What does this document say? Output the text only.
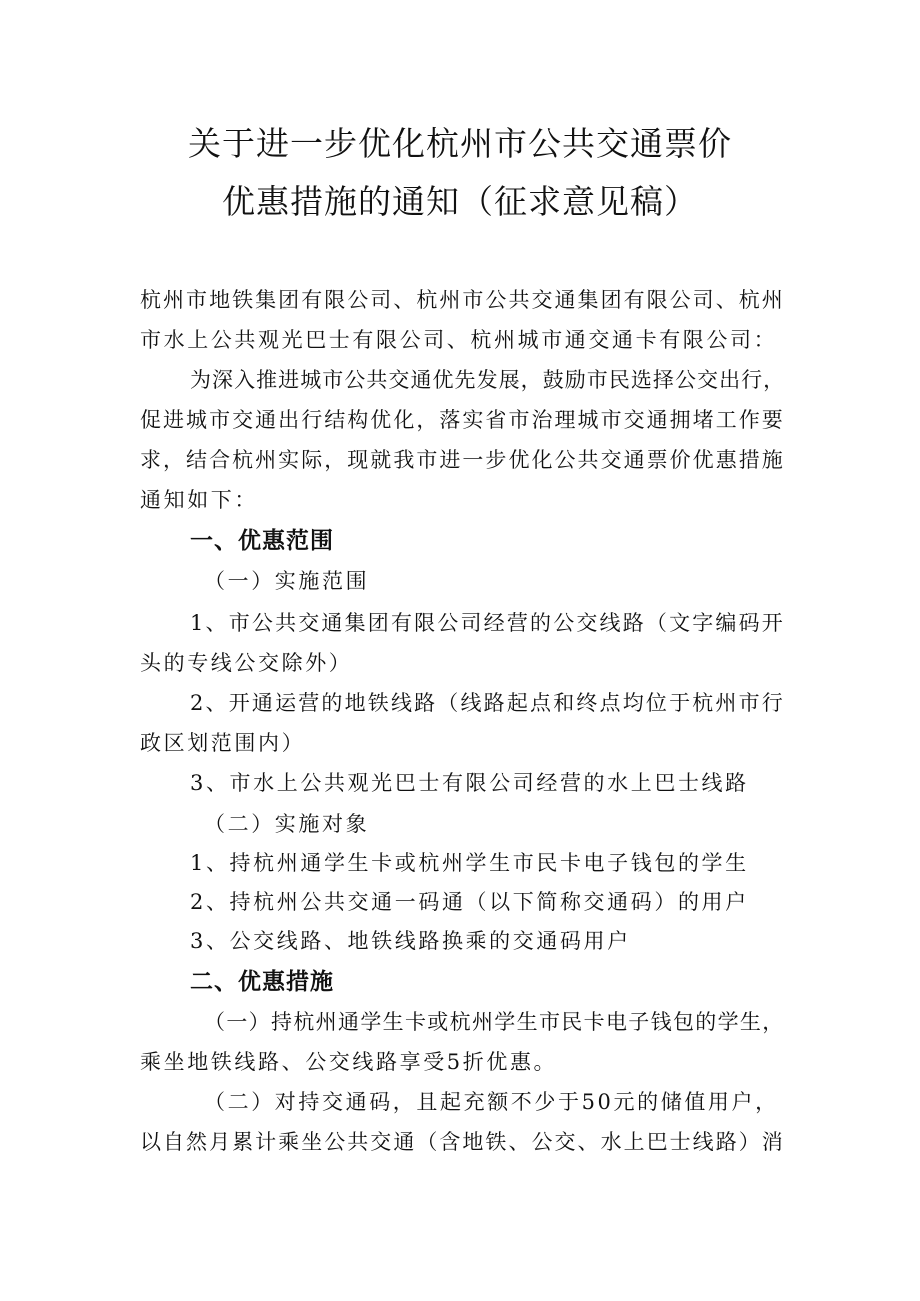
关于进一步优化杭州市公共交通票价
优惠措施的通知（征求意见稿）
杭州市地铁集团有限公司、杭州市公共交通集团有限公司、杭州
市水上公共观光巴士有限公司、杭州城市通交通卡有限公司：
为深入推进城市公共交通优先发展，鼓励市民选择公交出行，
促进城市交通出行结构优化，落实省市治理城市交通拥堵工作要
求，结合杭州实际，现就我市进一步优化公共交通票价优惠措施
通知如下：
一、优惠范围
（一）实施范围
1、市公共交通集团有限公司经营的公交线路（文字编码开
头的专线公交除外）
2、开通运营的地铁线路（线路起点和终点均位于杭州市行
政区划范围内）
3、市水上公共观光巴士有限公司经营的水上巴士线路
（二）实施对象
1、持杭州通学生卡或杭州学生市民卡电子钱包的学生
2、持杭州公共交通一码通（以下简称交通码）的用户
3、公交线路、地铁线路换乘的交通码用户
二、优惠措施
（一）持杭州通学生卡或杭州学生市民卡电子钱包的学生，
乘坐地铁线路、公交线路享受5折优惠。
（二）对持交通码，且起充额不少于50元的储值用户，
以自然月累计乘坐公共交通（含地铁、公交、水上巴士线路）消
